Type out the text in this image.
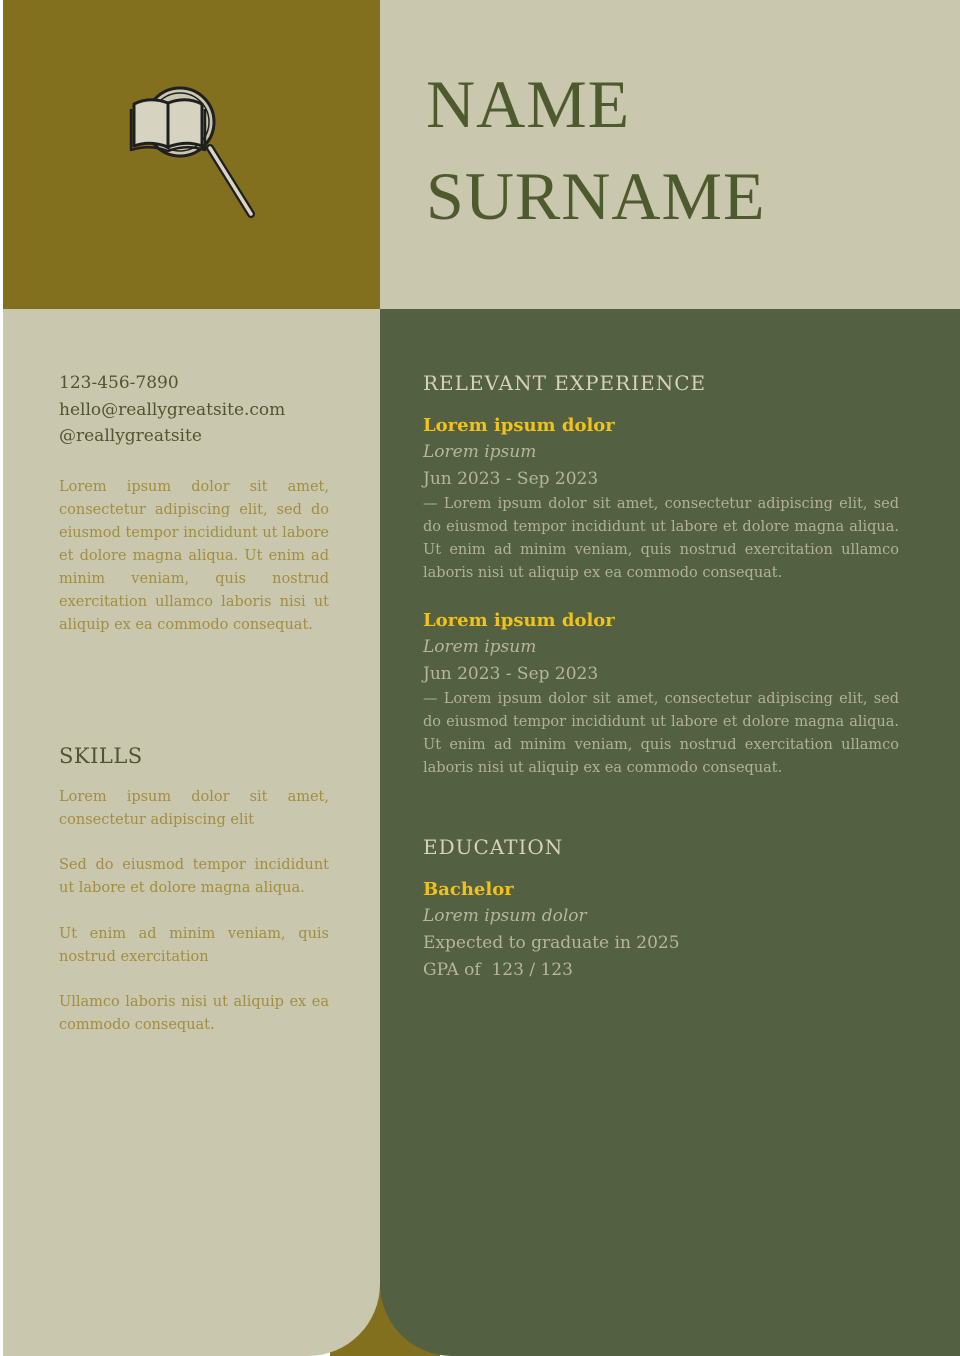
NAME
SURNAME
123-456-7890
hello@reallygreatsite.com
@reallygreatsite

Lorem ipsum dolor sit amet, consectetur adipiscing elit, sed do eiusmod tempor incididunt ut labore et dolore magna aliqua. Ut enim ad minim veniam, quis nostrud exercitation ullamco laboris nisi ut aliquip ex ea commodo consequat.

SKILLS

Lorem ipsum dolor sit amet, consectetur adipiscing elit

Sed do eiusmod tempor incididunt ut labore et dolore magna aliqua.

Ut enim ad minim veniam, quis nostrud exercitation

Ullamco laboris nisi ut aliquip ex ea commodo consequat.

RELEVANT EXPERIENCE
Lorem ipsum dolor
Lorem ipsum
Jun 2023 - Sep 2023

— Lorem ipsum dolor sit amet, consectetur adipiscing elit, sed do eiusmod tempor incididunt ut labore et dolore magna aliqua. Ut enim ad minim veniam, quis nostrud exercitation ullamco laboris nisi ut aliquip ex ea commodo consequat.

Lorem ipsum dolor
Lorem ipsum
Jun 2023 - Sep 2023

— Lorem ipsum dolor sit amet, consectetur adipiscing elit, sed do eiusmod tempor incididunt ut labore et dolore magna aliqua. Ut enim ad minim veniam, quis nostrud exercitation ullamco laboris nisi ut aliquip ex ea commodo consequat.

EDUCATION
Bachelor
Lorem ipsum dolor
Expected to graduate in 2025
GPA of  123 / 123
